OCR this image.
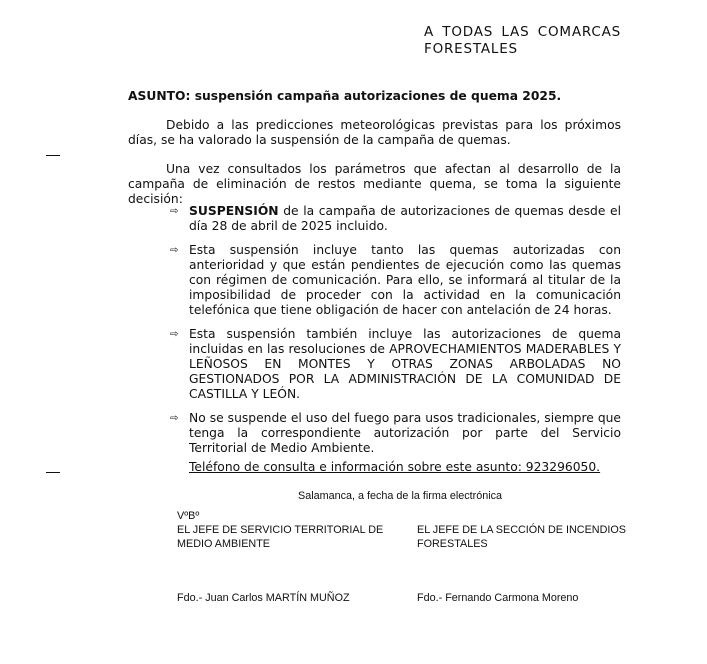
A TODAS LAS COMARCAS FORESTALES
ASUNTO: suspensión campaña autorizaciones de quema 2025.

Debido a las predicciones meteorológicas previstas para los próximos días, se ha valorado la suspensión de la campaña de quemas.

Una vez consultados los parámetros que afectan al desarrollo de la campaña de eliminación de restos mediante quema, se toma la siguiente decisión:

⇨ SUSPENSIÓN de la campaña de autorizaciones de quemas desde el día 28 de abril de 2025 incluido.
⇨ Esta suspensión incluye tanto las quemas autorizadas con anterioridad y que están pendientes de ejecución como las quemas con régimen de comunicación. Para ello, se informará al titular de la imposibilidad de proceder con la actividad en la comunicación telefónica que tiene obligación de hacer con antelación de 24 horas.
⇨ Esta suspensión también incluye las autorizaciones de quema incluidas en las resoluciones de APROVECHAMIENTOS MADERABLES Y LEÑOSOS EN MONTES Y OTRAS ZONAS ARBOLADAS NO GESTIONADOS POR LA ADMINISTRACIÓN DE LA COMUNIDAD DE CASTILLA Y LEÓN.
⇨ No se suspende el uso del fuego para usos tradicionales, siempre que tenga la correspondiente autorización por parte del Servicio Territorial de Medio Ambiente.
Teléfono de consulta e información sobre este asunto: 923296050.
Salamanca, a fecha de la firma electrónica
VºBº
EL JEFE DE SERVICIO TERRITORIAL DE
MEDIO AMBIENTE
EL JEFE DE LA SECCIÓN DE INCENDIOS
FORESTALES
Fdo.- Juan Carlos MARTÍN MUÑOZ	Fdo.- Fernando Carmona Moreno
